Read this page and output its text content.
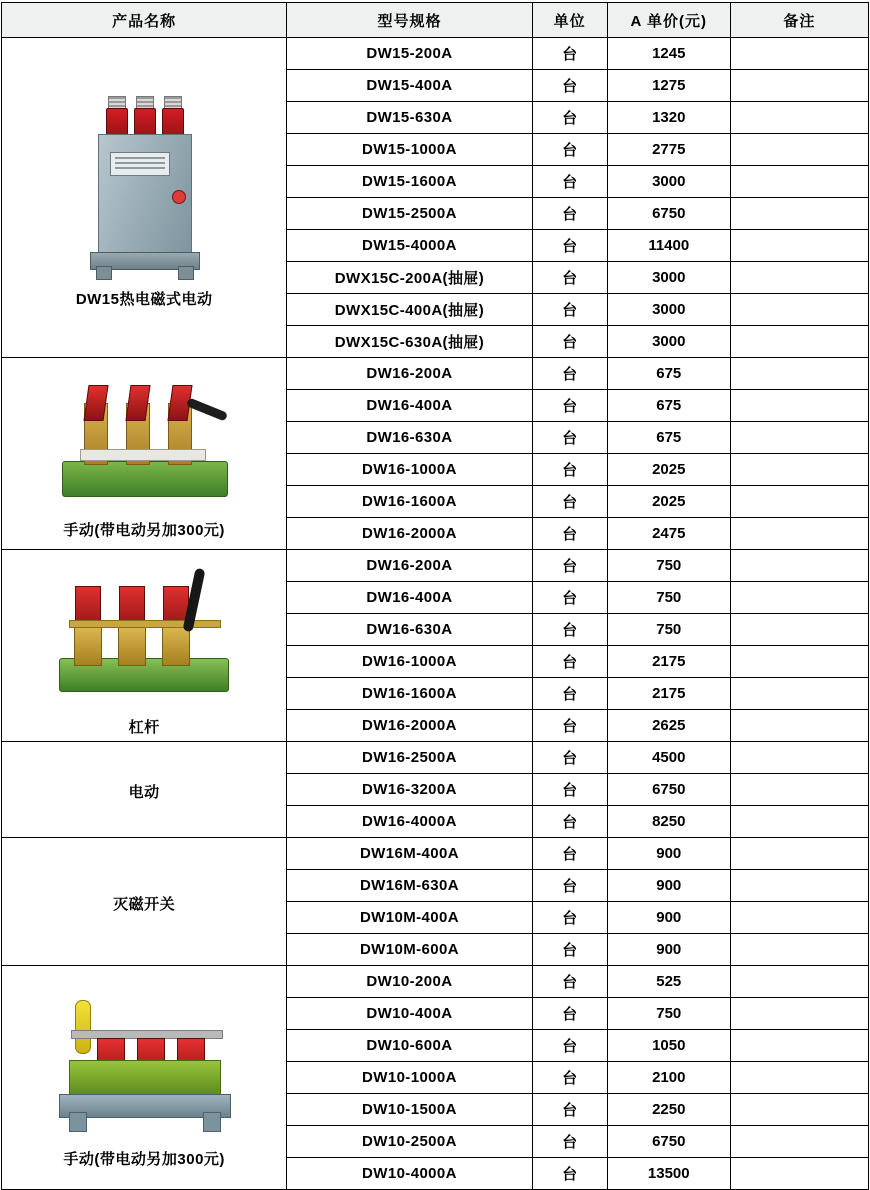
产品名称	型号规格	单位	A 单价(元)	备注

DW15热电磁式电动	DW15-200A	台	1245	
	DW15-400A	台	1275	
	DW15-630A	台	1320	
	DW15-1000A	台	2775	
	DW15-1600A	台	3000	
	DW15-2500A	台	6750	
	DW15-4000A	台	11400	
	DWX15C-200A(抽屉)	台	3000	
	DWX15C-400A(抽屉)	台	3000	
	DWX15C-630A(抽屉)	台	3000	

手动(带电动另加300元)	DW16-200A	台	675	
	DW16-400A	台	675	
	DW16-630A	台	675	
	DW16-1000A	台	2025	
	DW16-1600A	台	2025	
	DW16-2000A	台	2475	

杠杆	DW16-200A	台	750	
	DW16-400A	台	750	
	DW16-630A	台	750	
	DW16-1000A	台	2175	
	DW16-1600A	台	2175	
	DW16-2000A	台	2625	

电动	DW16-2500A	台	4500	
	DW16-3200A	台	6750	
	DW16-4000A	台	8250	

灭磁开关	DW16M-400A	台	900	
	DW16M-630A	台	900	
	DW10M-400A	台	900	
	DW10M-600A	台	900	

手动(带电动另加300元)	DW10-200A	台	525	
	DW10-400A	台	750	
	DW10-600A	台	1050	
	DW10-1000A	台	2100	
	DW10-1500A	台	2250	
	DW10-2500A	台	6750	
	DW10-4000A	台	13500	
